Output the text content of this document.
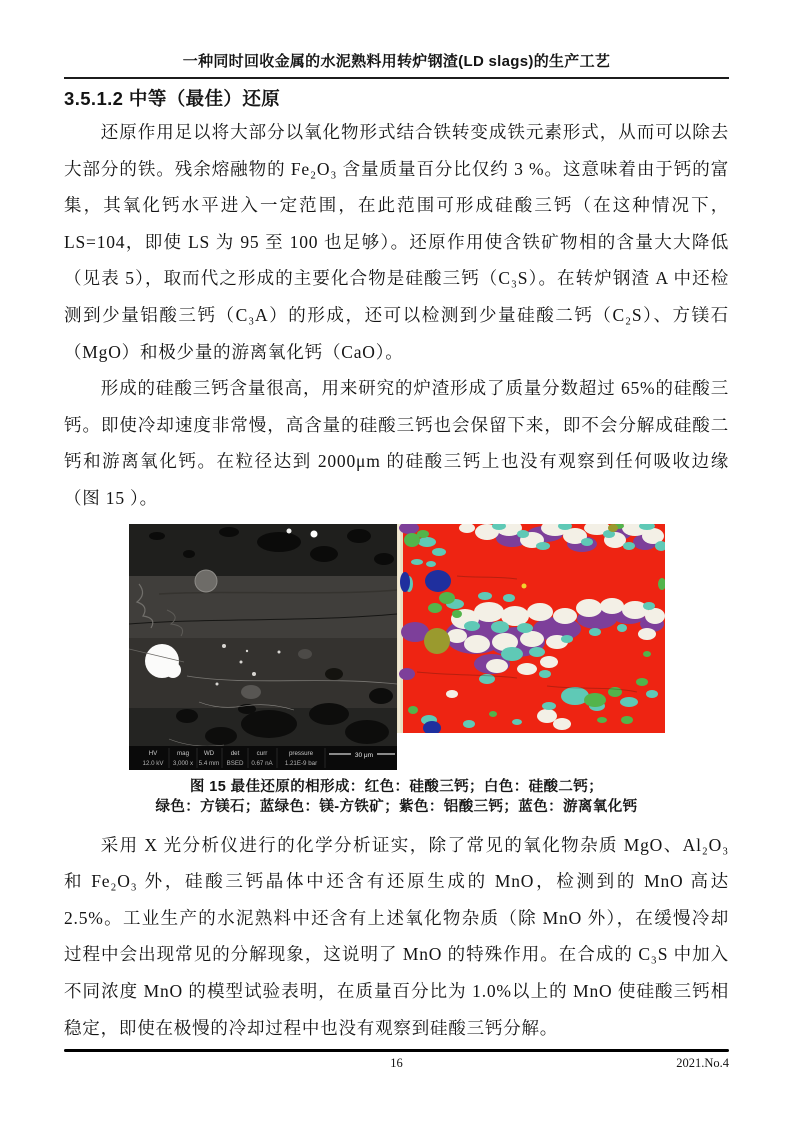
一种同时回收金属的水泥熟料用转炉钢渣(LD slags)的生产工艺
3.5.1.2 中等（最佳）还原

还原作用足以将大部分以氧化物形式结合铁转变成铁元素形式，从而可以除去大部分的铁。残余熔融物的 Fe₂O₃ 含量质量百分比仅约 3 %。这意味着由于钙的富集，其氧化钙水平进入一定范围，在此范围可形成硅酸三钙（在这种情况下，LS=104，即使 LS 为 95 至 100 也足够）。还原作用使含铁矿物相的含量大大降低（见表 5），取而代之形成的主要化合物是硅酸三钙（C₃S）。在转炉钢渣 A 中还检测到少量铝酸三钙（C₃A）的形成，还可以检测到少量硅酸二钙（C₂S）、方镁石（MgO）和极少量的游离氧化钙（CaO）。

形成的硅酸三钙含量很高，用来研究的炉渣形成了质量分数超过 65%的硅酸三钙。即使冷却速度非常慢，高含量的硅酸三钙也会保留下来，即不会分解成硅酸二钙和游离氧化钙。在粒径达到 2000μm 的硅酸三钙上也没有观察到任何吸收边缘（图 15 ）。

HV	mag WD	det	curr	pressure
12.0 kV 3,000 x 5.4 mm BSED 0.67 nA 1.21E-9 bar
30 μm
图 15 最佳还原的相形成：红色：硅酸三钙；白色：硅酸二钙；
绿色：方镁石；蓝绿色：镁-方铁矿；紫色：铝酸三钙；蓝色：游离氧化钙

采用 X 光分析仪进行的化学分析证实，除了常见的氧化物杂质 MgO、Al₂O₃ 和 Fe₂O₃ 外，硅酸三钙晶体中还含有还原生成的 MnO，检测到的 MnO 高达 2.5%。工业生产的水泥熟料中还含有上述氧化物杂质（除 MnO 外），在缓慢冷却过程中会出现常见的分解现象，这说明了 MnO 的特殊作用。在合成的 C₃S 中加入不同浓度 MnO 的模型试验表明，在质量百分比为 1.0%以上的 MnO 使硅酸三钙相稳定，即使在极慢的冷却过程中也没有观察到硅酸三钙分解。

16	2021.No.4
